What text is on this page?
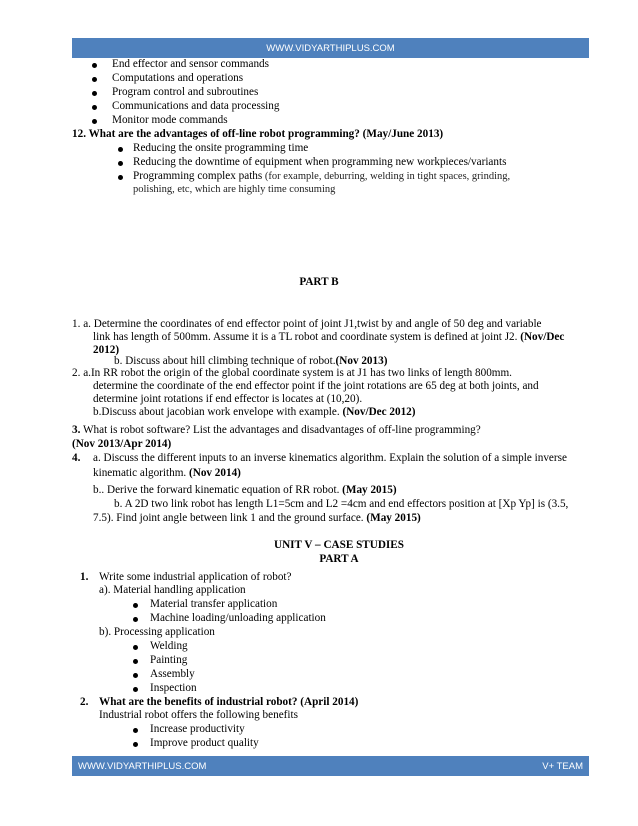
WWW.VIDYARTHIPLUS.COM
End effector and sensor commands
Computations and operations
Program control and subroutines
Communications and data processing
Monitor mode commands
12. What are the advantages of off-line robot programming? (May/June 2013)
Reducing the onsite programming time
Reducing the downtime of equipment when programming new workpieces/variants
Programming complex paths (for example, deburring, welding in tight spaces, grinding,
polishing, etc, which are highly time consuming
PART B
1. a. Determine the coordinates of end effector point of joint J1,twist by and angle of 50 deg and variable
link has length of 500mm. Assume it is a TL robot and coordinate system is defined at joint J2. (Nov/Dec
2012)
b. Discuss about hill climbing technique of robot.(Nov 2013)
2. a.In RR robot the origin of the global coordinate system is at J1 has two links of length 800mm.
determine the coordinate of the end effector point if the joint rotations are 65 deg at both joints, and
determine joint rotations if end effector is locates at (10,20).
b.Discuss about jacobian work envelope with example. (Nov/Dec 2012)
3. What is robot software? List the advantages and disadvantages of off-line programming?
(Nov 2013/Apr 2014)
4. a. Discuss the different inputs to an inverse kinematics algorithm. Explain the solution of a simple inverse
kinematic algorithm. (Nov 2014)
b.. Derive the forward kinematic equation of RR robot. (May 2015)
b. A 2D two link robot has length L1=5cm and L2 =4cm and end effectors position at [Xp Yp] is (3.5,
7.5). Find joint angle between link 1 and the ground surface. (May 2015)
UNIT V – CASE STUDIES
PART A
1. Write some industrial application of robot?
a). Material handling application
Material transfer application
Machine loading/unloading application
b). Processing application
Welding
Painting
Assembly
Inspection
2. What are the benefits of industrial robot? (April 2014)
Industrial robot offers the following benefits
Increase productivity
Improve product quality
WWW.VIDYARTHIPLUS.COM	V+ TEAM
